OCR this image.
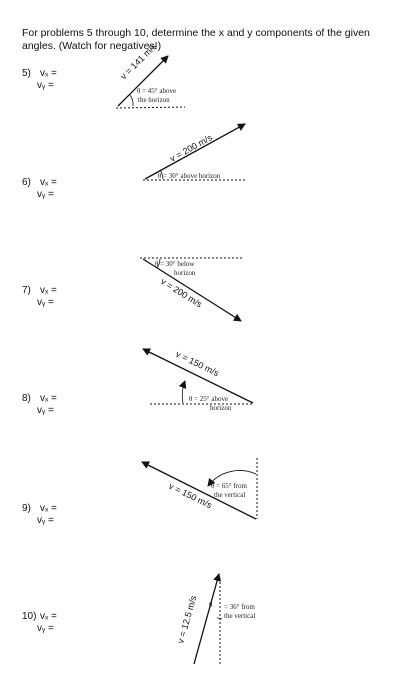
For problems 5 through 10, determine the x and y components of the given angles. (Watch for negatives!)
5) vₓ =
vᵧ =
6) vₓ =
vᵧ =
7) vₓ =
vᵧ =
8) vₓ =
vᵧ =
9) vₓ =
vᵧ =
10) vₓ =
vᵧ =
v = 141 m/s
θ = 45° above
the horizon
v = 200 m/s
θ = 30° above horizon
θ = 30° below
horizon
v = 200 m/s
v = 150 m/s
θ = 25° above
horizon
v = 150 m/s
θ = 65° from
the vertical
v = 12.5 m/s θ = 36° from
the vertical
